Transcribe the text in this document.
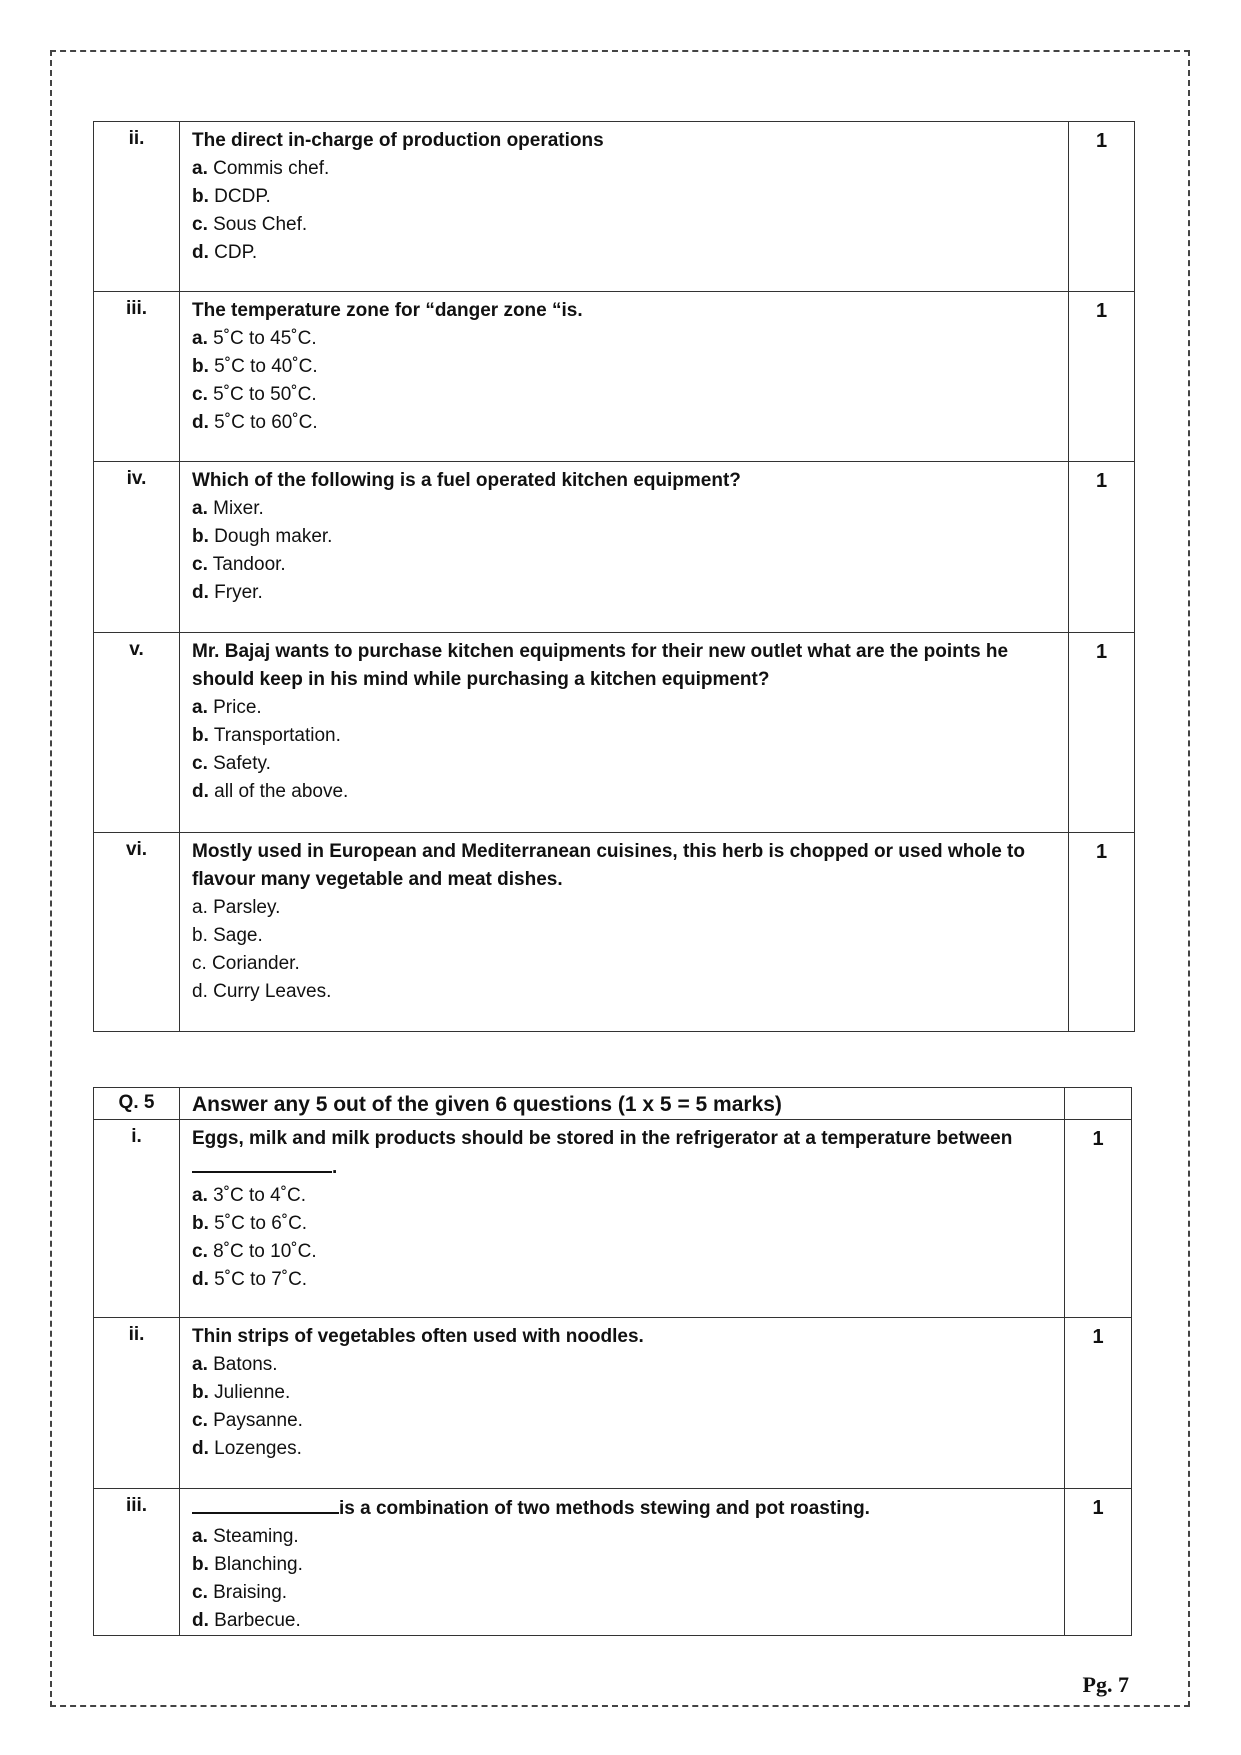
ii.	The direct in-charge of production operations
a. Commis chef.
b. DCDP.
c. Sous Chef.
d. CDP.	1
iii.	The temperature zone for “danger zone “is.
a. 5˚C to 45˚C.
b. 5˚C to 40˚C.
c. 5˚C to 50˚C.
d. 5˚C to 60˚C.	1
iv.	Which of the following is a fuel operated kitchen equipment?
a. Mixer.
b. Dough maker.
c. Tandoor.
d. Fryer.	1
v.	Mr. Bajaj wants to purchase kitchen equipments for their new outlet what are the points he should keep in his mind while purchasing a kitchen equipment?
a. Price.
b. Transportation.
c. Safety.
d. all of the above.	1
vi.	Mostly used in European and Mediterranean cuisines, this herb is chopped or used whole to flavour many vegetable and meat dishes.
a. Parsley.
b. Sage.
c. Coriander.
d. Curry Leaves.	1
Q. 5	Answer any 5 out of the given 6 questions (1 x 5 = 5 marks)	
i.	Eggs, milk and milk products should be stored in the refrigerator at a temperature between.
a. 3˚C to 4˚C.
b. 5˚C to 6˚C.
c. 8˚C to 10˚C.
d. 5˚C to 7˚C.	1
ii.	Thin strips of vegetables often used with noodles.
a. Batons.
b. Julienne.
c. Paysanne.
d. Lozenges.	1
iii.	is a combination of two methods stewing and pot roasting.
a. Steaming.
b. Blanching.
c. Braising.
d. Barbecue.	1
Pg. 7
